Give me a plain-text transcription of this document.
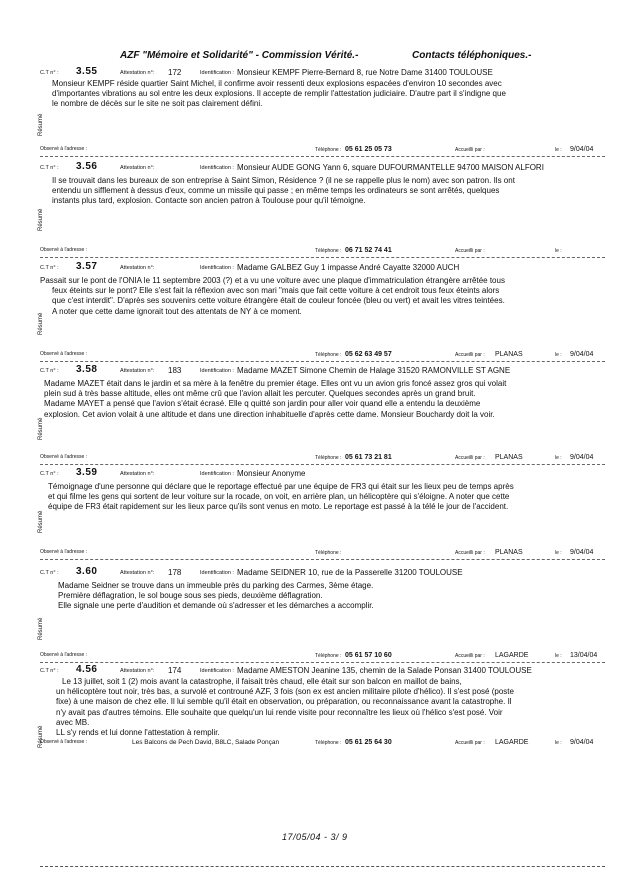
AZF "Mémoire et Solidarité" - Commission Vérité.-	Contacts téléphoniques.-
C.T n° : 3.55	Attestation n°: 172	Identification : Monsieur KEMPF Pierre-Bernard 8, rue Notre Dame 31400 TOULOUSE
Monsieur KEMPF réside quartier Saint Michel, il confirme avoir ressenti deux explosions espacées d'environ 10 secondes avec
d'importantes vibrations au sol entre les deux explosions. Il accepte de remplir l'attestation judiciaire. D'autre part il s'indigne que
le nombre de décès sur le site ne soit pas clairement défini.
Résumé
Observé à l'adresse :	Téléphone : 05 61 25 05 73	Accueilli par :	le : 9/04/04
C.T n° : 3.56	Attestation n°:	Identification : Monsieur AUDE GONG Yann 6, square DUFOURMANTELLE 94700 MAISON ALFORI
Il se trouvait dans les bureaux de son entreprise à Saint Simon, Résidence ? (il ne se rappelle plus le nom) avec son patron. Ils ont
entendu un sifflement à dessus d'eux, comme un missile qui passe ; en même temps les ordinateurs se sont arrêtés, quelques
instants plus tard, explosion. Contacte son ancien patron à Toulouse pour qu'il témoigne.
Résumé
Observé à l'adresse :	Téléphone : 06 71 52 74 41	Accueilli par :	le :
C.T n° : 3.57	Attestation n°:	Identification : Madame GALBEZ Guy 1 impasse André Cayatte 32000 AUCH
Passait sur le pont de l'ONIA le 11 septembre 2003 (?) et a vu une voiture avec une plaque d'immatriculation étrangère arrêtée tous
feux éteints sur le pont? Elle s'est fait la réflexion avec son mari "mais que fait cette voiture à cet endroit tous feux éteints alors
que c'est interdit". D'après ses souvenirs cette voiture étrangère était de couleur foncée (bleu ou vert) et avait les vitres teintées.
A noter que cette dame ignorait tout des attentats de NY à ce moment.
Résumé
Observé à l'adresse :	Téléphone : 05 62 63 49 57	Accueilli par : PLANAS	le : 9/04/04
C.T n° : 3.58	Attestation n°: 183	Identification : Madame MAZET Simone Chemin de Halage 31520 RAMONVILLE ST AGNE
Madame MAZET était dans le jardin et sa mère à la fenêtre du premier étage. Elles ont vu un avion gris foncé assez gros qui volait
plein sud à très basse altitude, elles ont même crû que l'avion allait les percuter. Quelques secondes après un grand bruit.
Madame MAYET a pensé que l'avion s'était écrasé. Elle q quitté son jardin pour aller voir quand elle a entendu la deuxième
explosion. Cet avion volait à une altitude et dans une direction inhabituelle d'après cette dame. Monsieur Bouchardy doit la voir.
Résumé
Observé à l'adresse :	Téléphone : 05 61 73 21 81	Accueilli par : PLANAS	le : 9/04/04
C.T n° : 3.59	Attestation n°:	Identification : Monsieur Anonyme
Témoignage d'une personne qui déclare que le reportage effectué par une équipe de FR3 qui était sur les lieux peu de temps après
et qui filme les gens qui sortent de leur voiture sur la rocade, on voit, en arrière plan, un hélicoptère qui s'éloigne. A noter que cette
équipe de FR3 était rapidement sur les lieux parce qu'ils sont venus en moto. Le reportage est passé à la télé le jour de l'accident.
Résumé
Observé à l'adresse :	Téléphone :	Accueilli par : PLANAS	le : 9/04/04
C.T n° : 3.60	Attestation n°: 178	Identification : Madame SEIDNER 10, rue de la Passerelle 31200 TOULOUSE
Madame Seidner se trouve dans un immeuble près du parking des Carmes, 3ème étage.
Première déflagration, le sol bouge sous ses pieds, deuxième déflagration.
Elle signale une perte d'audition et demande où s'adresser et les démarches a accomplir.
Résumé
Observé à l'adresse :	Téléphone : 05 61 57 10 60	Accueilli par : LAGARDE	le : 13/04/04
C.T n° : 4.56	Attestation n°: 174	Identification : Madame AMESTON Jeanine 135, chemin de la Salade Ponsan 31400 TOULOUSE
Le 13 juillet, soit 1 (2) mois avant la catastrophe, il faisait très chaud, elle était sur son balcon en maillot de bains,
un hélicoptère tout noir, très bas, a survolé et controuné AZF, 3 fois (son ex est ancien militaire pilote d'hélico). Il s'est posé (poste
fixe) à une maison de chez elle. Il lui semble qu'il était en observation, ou préparation, ou reconnaissance avant la catastrophe. Il
n'y avait pas d'autres témoins. Elle souhaite que quelqu'un lui rende visite pour reconnaître les lieux où l'hélico s'est posé. Voir
avec MB.
LL s'y rends et lui donne l'attestation à remplir.
Résumé
Observé à l'adresse :	Les Balcons de Pech David, B8LC, Salade Ponçan	Téléphone : 05 61 25 64 30	Accueilli par : LAGARDE	le : 9/04/04
17/05/04 - 3/ 9
